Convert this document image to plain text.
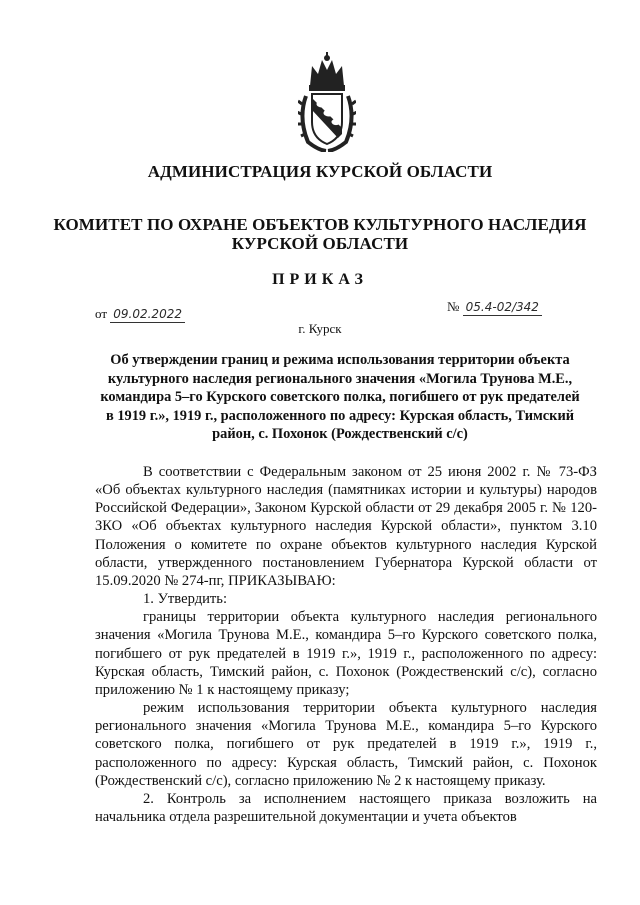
АДМИНИСТРАЦИЯ КУРСКОЙ ОБЛАСТИ
КОМИТЕТ ПО ОХРАНЕ ОБЪЕКТОВ КУЛЬТУРНОГО НАСЛЕДИЯ
КУРСКОЙ ОБЛАСТИ
ПРИКАЗ
от 09.02.2022	№ 05.4-02/342
г. Курск
Об утверждении границ и режима использования территории объекта культурного наследия регионального значения «Могила Трунова М.Е., командира 5–го Курского советского полка, погибшего от рук предателей в 1919 г.», 1919 г., расположенного по адресу: Курская область, Тимский район, с. Похонок (Рождественский с/с)

В соответствии с Федеральным законом от 25 июня 2002 г. № 73-ФЗ «Об объектах культурного наследия (памятниках истории и культуры) народов Российской Федерации», Законом Курской области от 29 декабря 2005 г. № 120-ЗКО «Об объектах культурного наследия Курской области», пунктом 3.10 Положения о комитете по охране объектов культурного наследия Курской области, утвержденного постановлением Губернатора Курской области от 15.09.2020 № 274-пг, ПРИКАЗЫВАЮ:

1. Утвердить:

границы территории объекта культурного наследия регионального значения «Могила Трунова М.Е., командира 5–го Курского советского полка, погибшего от рук предателей в 1919 г.», 1919 г., расположенного по адресу: Курская область, Тимский район, с. Похонок (Рождественский с/с), согласно приложению № 1 к настоящему приказу;

режим использования территории объекта культурного наследия регионального значения «Могила Трунова М.Е., командира 5–го Курского советского полка, погибшего от рук предателей в 1919 г.», 1919 г., расположенного по адресу: Курская область, Тимский район, с. Похонок (Рождественский с/с), согласно приложению № 2 к настоящему приказу.

2. Контроль за исполнением настоящего приказа возложить на начальника отдела разрешительной документации и учета объектов
